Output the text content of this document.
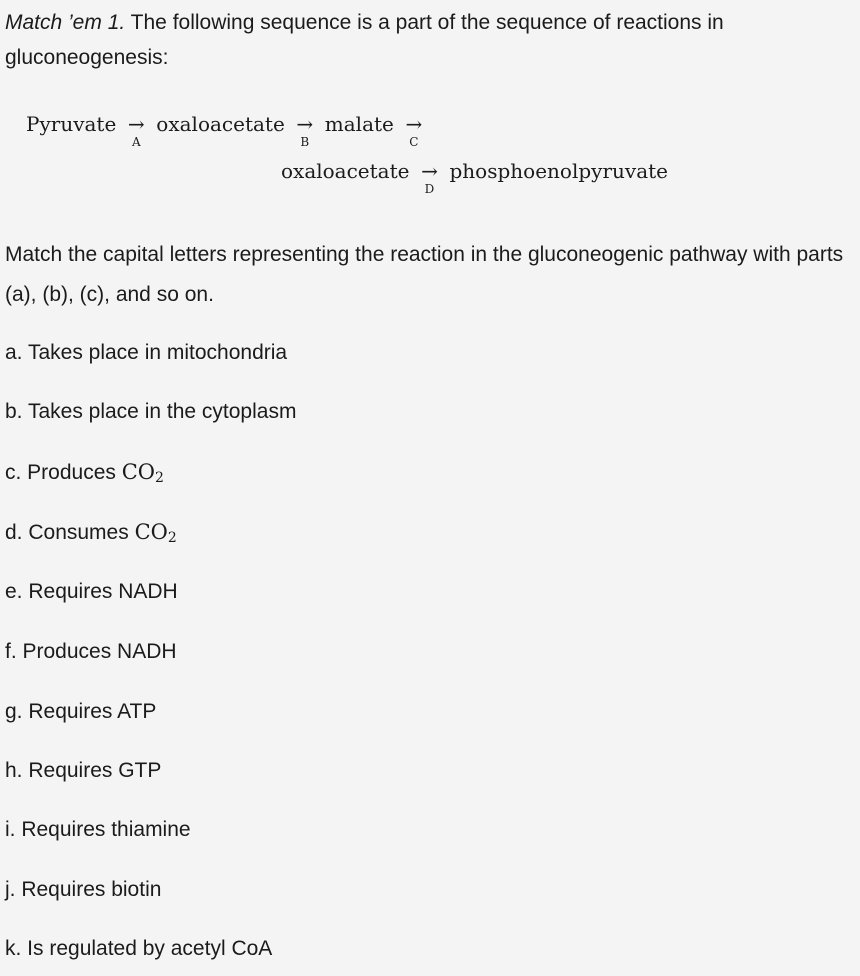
Match ’em 1. The following sequence is a part of the sequence of reactions in gluconeogenesis:

Pyruvate →
A
oxaloacetate →
B
malate →
C
oxaloacetate →
D
phosphoenolpyruvate

Match the capital letters representing the reaction in the gluconeogenic pathway with parts (a), (b), (c), and so on.

a. Takes place in mitochondria
b. Takes place in the cytoplasm
c. Produces $CO_2$
d. Consumes $CO_2$
e. Requires NADH
f. Produces NADH
g. Requires ATP
h. Requires GTP
i. Requires thiamine
j. Requires biotin
k. Is regulated by acetyl CoA
